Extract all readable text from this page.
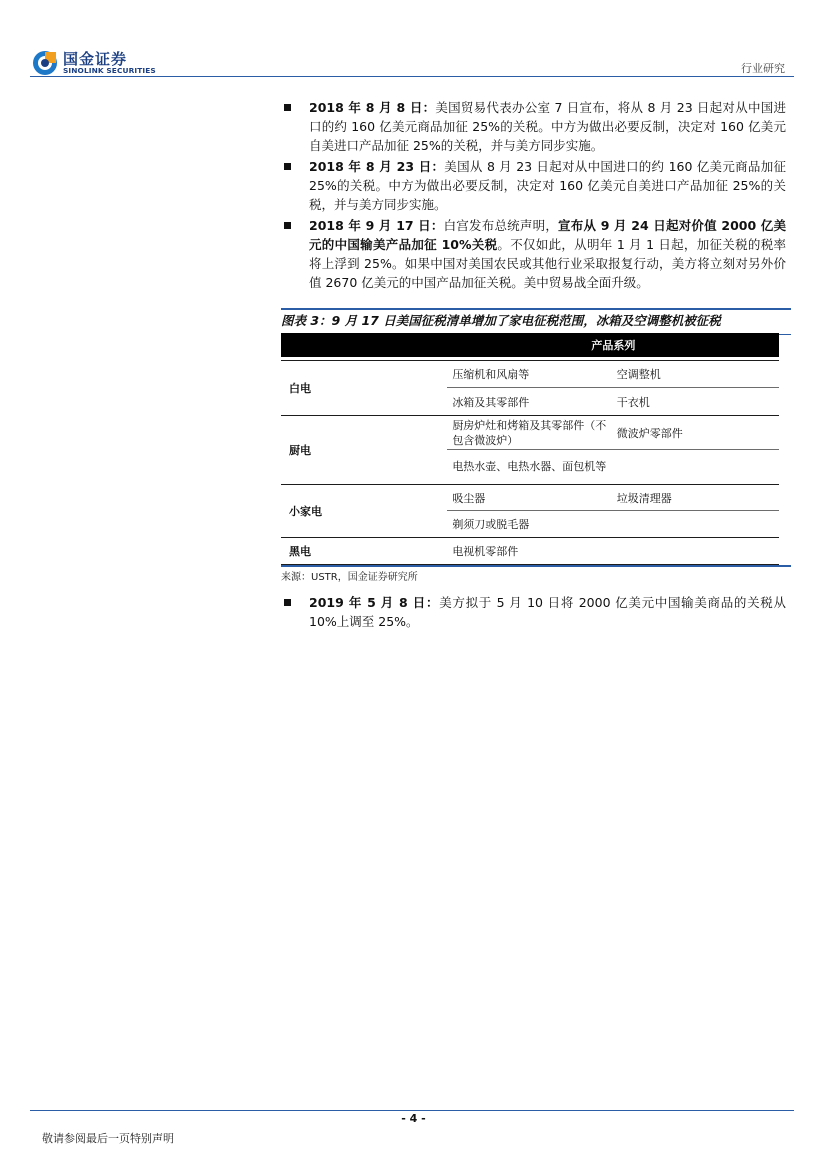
国金证券
SINOLINK SECURITIES	行业研究
2018 年 8 月 8 日：美国贸易代表办公室 7 日宣布，将从 8 月 23 日起对从中国进口的约 160 亿美元商品加征 25%的关税。中方为做出必要反制，决定对 160 亿美元自美进口产品加征 25%的关税，并与美方同步实施。
2018 年 8 月 23 日：美国从 8 月 23 日起对从中国进口的约 160 亿美元商品加征 25%的关税。中方为做出必要反制，决定对 160 亿美元自美进口产品加征 25%的关税，并与美方同步实施。
2018 年 9 月 17 日：白宫发布总统声明，宣布从 9 月 24 日起对价值 2000 亿美元的中国输美产品加征 10%关税。不仅如此，从明年 1 月 1 日起，加征关税的税率将上浮到 25%。如果中国对美国农民或其他行业采取报复行动，美方将立刻对另外价值 2670 亿美元的中国产品加征关税。美中贸易战全面升级。
图表 3：9 月 17 日美国征税清单增加了家电征税范围，冰箱及空调整机被征税
	产品系列	

白电	压缩机和风扇等	空调整机
	冰箱及其零部件	干衣机
厨电	厨房炉灶和烤箱及其零部件（不包含微波炉）	微波炉零部件
	电热水壶、电热水器、面包机等	
小家电	吸尘器	垃圾清理器
	剃须刀或脱毛器	
黑电	电视机零部件	
来源：USTR，国金证券研究所
2019 年 5 月 8 日：美方拟于 5 月 10 日将 2000 亿美元中国输美商品的关税从 10%上调至 25%。
- 4 -
敬请参阅最后一页特别声明
